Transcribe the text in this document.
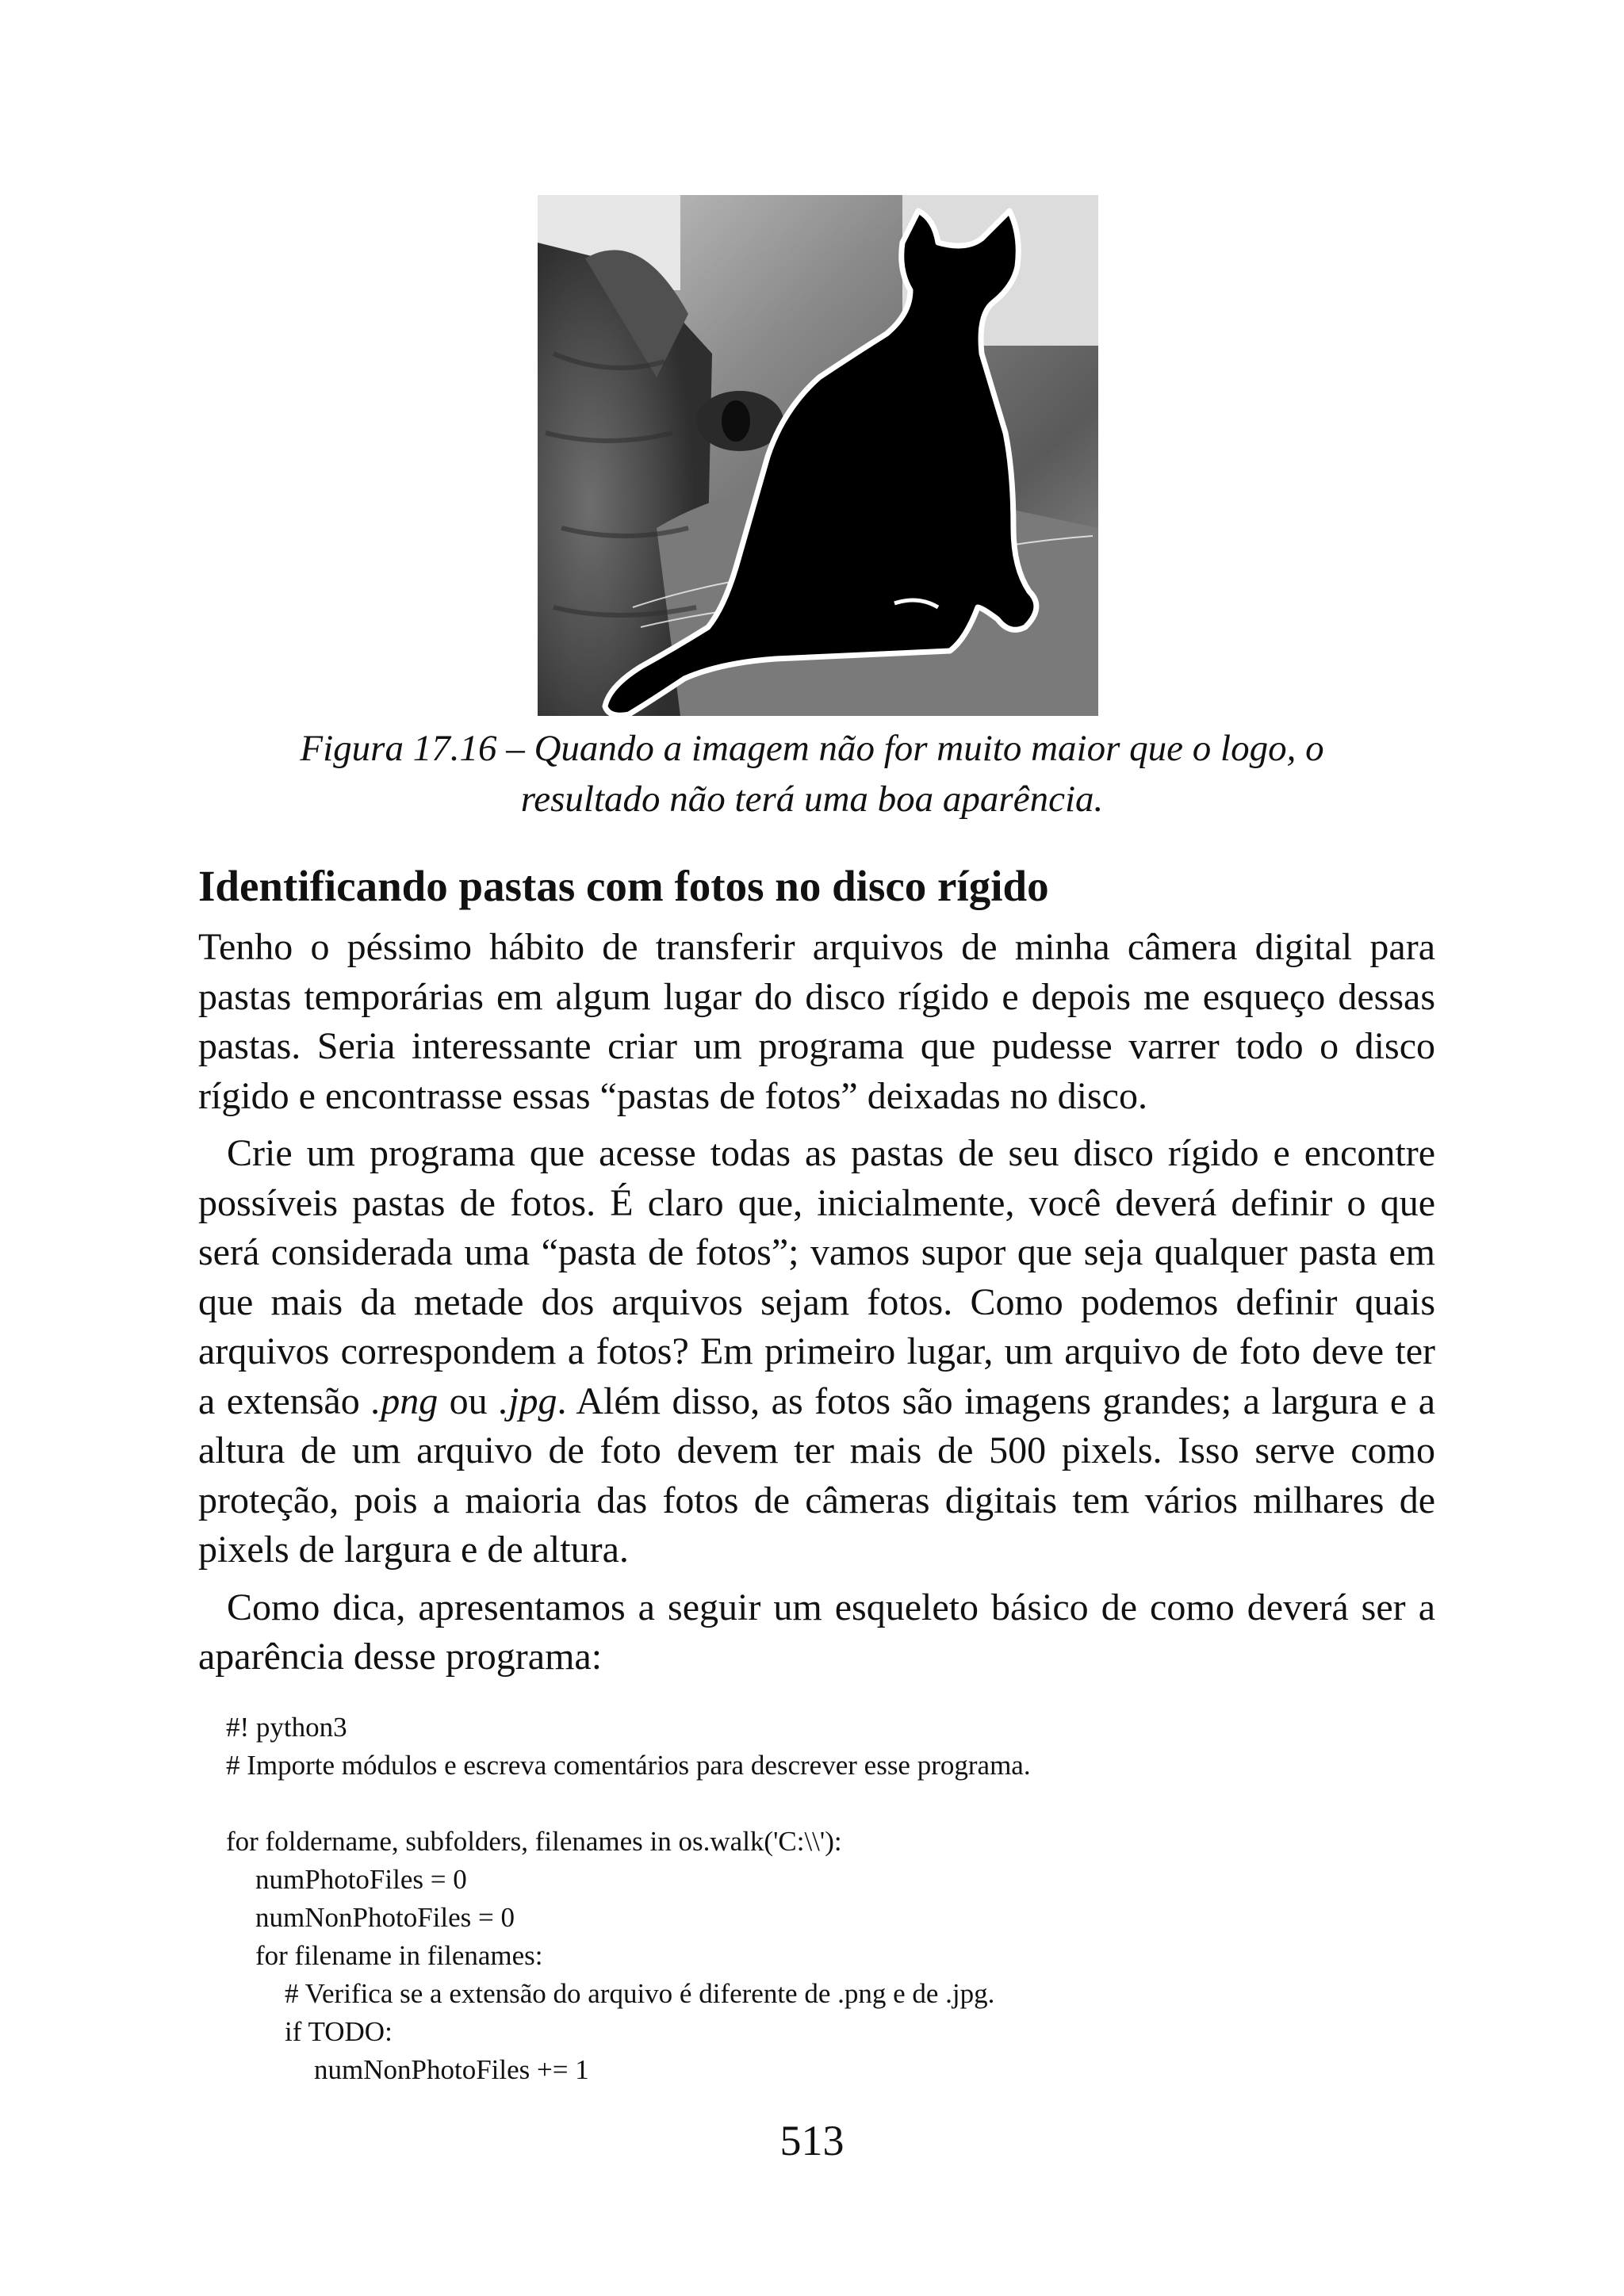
Figura 17.16 – Quando a imagem não for muito maior que o logo, o
resultado não terá uma boa aparência.
Identificando pastas com fotos no disco rígido

Tenho o péssimo hábito de transferir arquivos de minha câmera digital para pastas temporárias em algum lugar do disco rígido e depois me esqueço dessas pastas. Seria interessante criar um programa que pudesse varrer todo o disco rígido e encontrasse essas “pastas de fotos” deixadas no disco.

Crie um programa que acesse todas as pastas de seu disco rígido e encontre possíveis pastas de fotos. É claro que, inicialmente, você deverá definir o que será considerada uma “pasta de fotos”; vamos supor que seja qualquer pasta em que mais da metade dos arquivos sejam fotos. Como podemos definir quais arquivos correspondem a fotos? Em primeiro lugar, um arquivo de foto deve ter a extensão .png ou .jpg. Além disso, as fotos são imagens grandes; a largura e a altura de um arquivo de foto devem ter mais de 500 pixels. Isso serve como proteção, pois a maioria das fotos de câmeras digitais tem vários milhares de pixels de largura e de altura.

Como dica, apresentamos a seguir um esqueleto básico de como deverá ser a aparência desse programa:

#! python3
# Importe módulos e escreva comentários para descrever esse programa.
for foldername, subfolders, filenames in os.walk('C:\\'):
numPhotoFiles = 0
numNonPhotoFiles = 0
for filename in filenames:
# Verifica se a extensão do arquivo é diferente de .png e de .jpg.
if TODO:
numNonPhotoFiles += 1
513
